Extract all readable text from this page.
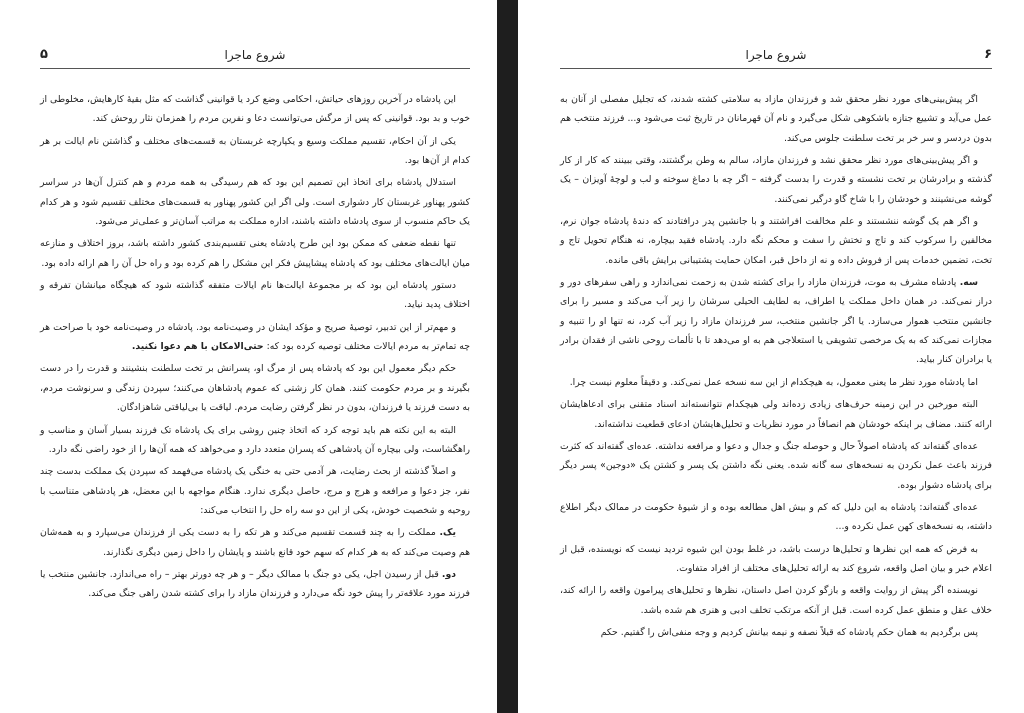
شروع ماجرا
۵

این پادشاه در آخرین روزهای حیاتش، احکامی وضع کرد یا قوانینی گذاشت که مثل بقیهٔ کارهایش، مخلوطی از خوب و بد بود. قوانینی که پس از مرگش می‌توانست دعا و نفرین مردم را همزمان نثار روحش کند.

یکی از آن احکام، تقسیم مملکت وسیع و یکپارچه غربستان به قسمت‌های مختلف و گذاشتن نام ایالت بر هر کدام از آن‌ها بود.

استدلال پادشاه برای اتخاذ این تصمیم این بود که هم رسیدگی به همه مردم و هم کنترل آن‌ها در سراسر کشور پهناور غربستان کار دشواری است. ولی اگر این کشور پهناور به قسمت‌های مختلف تقسیم شود و هر کدام یک حاکم منسوب از سوی پادشاه داشته باشند، اداره مملکت به مراتب آسان‌تر و عملی‌تر می‌شود.

تنها نقطه ضعفی که ممکن بود این طرح پادشاه یعنی تقسیم‌بندی کشور داشته باشد، بروز اختلاف و منازعه میان ایالت‌های مختلف بود که پادشاه پیشاپیش فکر این مشکل را هم کرده بود و راه حل آن را هم ارائه داده بود.

دستور پادشاه این بود که بر مجموعهٔ ایالت‌ها نام ایالات متفقه گذاشته شود که هیچگاه میانشان تفرقه و اختلاف پدید نیاید.

و مهم‌تر از این تدبیر، توصیهٔ صریح و مؤکد ایشان در وصیت‌نامه بود. پادشاه در وصیت‌نامه خود با صراحت هر چه تمام‌تر به مردم ایالات مختلف توصیه کرده بود که: حتی‌الامکان با هم دعوا نکنید.

حکم دیگر معمول این بود که پادشاه پس از مرگ او، پسرانش بر تخت سلطنت بنشینند و قدرت را در دست بگیرند و بر مردم حکومت کنند. همان کار زشتی که عموم پادشاهان می‌کنند؛ سپردن زندگی و سرنوشت مردم، به دست فرزند یا فرزندان، بدون در نظر گرفتن رضایت مردم. لیاقت یا بی‌لیاقتی شاهزادگان.

البته به این نکته هم باید توجه کرد که اتخاذ چنین روشی برای یک پادشاه تک فرزند بسیار آسان و مناسب و راهگشاست، ولی بیچاره آن پادشاهی که پسران متعدد دارد و می‌خواهد که همه آن‌ها را از خود راضی نگه دارد.

و اصلاً گذشته از بحث رضایت، هر آدمی حتی به خنگی یک پادشاه می‌فهمد که سپردن یک مملکت بدست چند نفر، جز دعوا و مرافعه و هرج و مرج، حاصل دیگری ندارد. هنگام مواجهه با این معضل، هر پادشاهی متناسب با روحیه و شخصیت خودش، یکی از این دو سه راه حل را انتخاب می‌کند:

یک. مملکت را به چند قسمت تقسیم می‌کند و هر تکه را به دست یکی از فرزندان می‌سپارد و به همه‌شان هم وصیت می‌کند که به هر کدام که سهم خود قانع باشند و پایشان را داخل زمین دیگری نگذارند.

دو. قبل از رسیدن اجل، یکی دو جنگ با ممالک دیگر – و هر چه دورتر بهتر – راه می‌اندازد. جانشین منتخب یا فرزند مورد علاقه‌تر را پیش خود نگه می‌دارد و فرزندان مازاد را برای کشته شدن راهی جنگ می‌کند.

شروع ماجرا	۶

اگر پیش‌بینی‌های مورد نظر محقق شد و فرزندان مازاد به سلامتی کشته شدند، که تجلیل مفصلی از آنان به عمل می‌آید و تشییع جنازه باشکوهی شکل می‌گیرد و نام آن قهرمانان در تاریخ ثبت می‌شود و... فرزند منتخب هم بدون دردسر و سر خر بر تخت سلطنت جلوس می‌کند.

و اگر پیش‌بینی‌های مورد نظر محقق نشد و فرزندان مازاد، سالم به وطن برگشتند، وقتی ببینند که کار از کار گذشته و برادرشان بر تخت نشسته و قدرت را بدست گرفته – اگر چه با دماغ سوخته و لب و لوچهٔ آویزان – یک گوشه می‌نشینند و خودشان را با شاخ گاو درگیر نمی‌کنند.

و اگر هم یک گوشه ننشستند و علم مخالفت افراشتند و با جانشین پدر درافتادند که دندهٔ پادشاه جوان نرم، مخالفین را سرکوب کند و تاج و تختش را سفت و محکم نگه دارد. پادشاه فقید بیچاره، نه هنگام تحویل تاج و تخت، تضمین خدمات پس از فروش داده و نه از داخل قبر، امکان حمایت پشتیبانی برایش باقی مانده.

سه. پادشاه مشرف به موت، فرزندان مازاد را برای کشته شدن به زحمت نمی‌اندازد و راهی سفرهای دور و دراز نمی‌کند. در همان داخل مملکت یا اطراف، به لطایف الحیلی سرشان را زیر آب می‌کند و مسیر را برای جانشین منتخب هموار می‌سازد. یا اگر جانشین منتخب، سر فرزندان مازاد را زیر آب کرد، نه تنها او را تنبیه و مجازات نمی‌کند که به یک مرخصی تشویقی یا استعلاجی هم به او می‌دهد تا با تألمات روحی ناشی از فقدان برادر یا برادران کنار بیاید.

اما پادشاه مورد نظر ما یعنی معمول، به هیچکدام از این سه نسخه عمل نمی‌کند. و دقیقاً معلوم نیست چرا.

البته مورخین در این زمینه حرف‌های زیادی زده‌اند ولی هیچکدام نتوانسته‌اند اسناد متقنی برای ادعاهایشان ارائه کنند. مضاف بر اینکه خودشان هم انصافاً در مورد نظریات و تحلیل‌هایشان ادعای قطعیت نداشته‌اند.

عده‌ای گفته‌اند که پادشاه اصولاً حال و حوصله جنگ و جدال و دعوا و مرافعه نداشته. عده‌ای گفته‌اند که کثرت فرزند باعث عمل نکردن به نسخه‌های سه گانه شده. یعنی نگه داشتن یک پسر و کشتن یک «دوجین» پسر دیگر برای پادشاه دشوار بوده.

عده‌ای گفته‌اند: پادشاه به این دلیل که کم و بیش اهل مطالعه بوده و از شیوهٔ حکومت در ممالک دیگر اطلاع داشته، به نسخه‌های کهن عمل نکرده و...

به فرض که همه این نظرها و تحلیل‌ها درست باشد، در غلط بودن این شیوه تردید نیست که نویسنده، قبل از اعلام خبر و بیان اصل واقعه، شروع کند به ارائه تحلیل‌های مختلف از افراد متفاوت.

نویسنده اگر پیش از روایت واقعه و بازگو کردن اصل داستان، نظرها و تحلیل‌های پیرامون واقعه را ارائه کند، خلاف عقل و منطق عمل کرده است. قبل از آنکه مرتکب تخلف ادبی و هنری هم شده باشد.

پس برگردیم به همان حکم پادشاه که قبلاً نصفه و نیمه بیانش کردیم و وجه منفی‌اش را گفتیم. حکم
